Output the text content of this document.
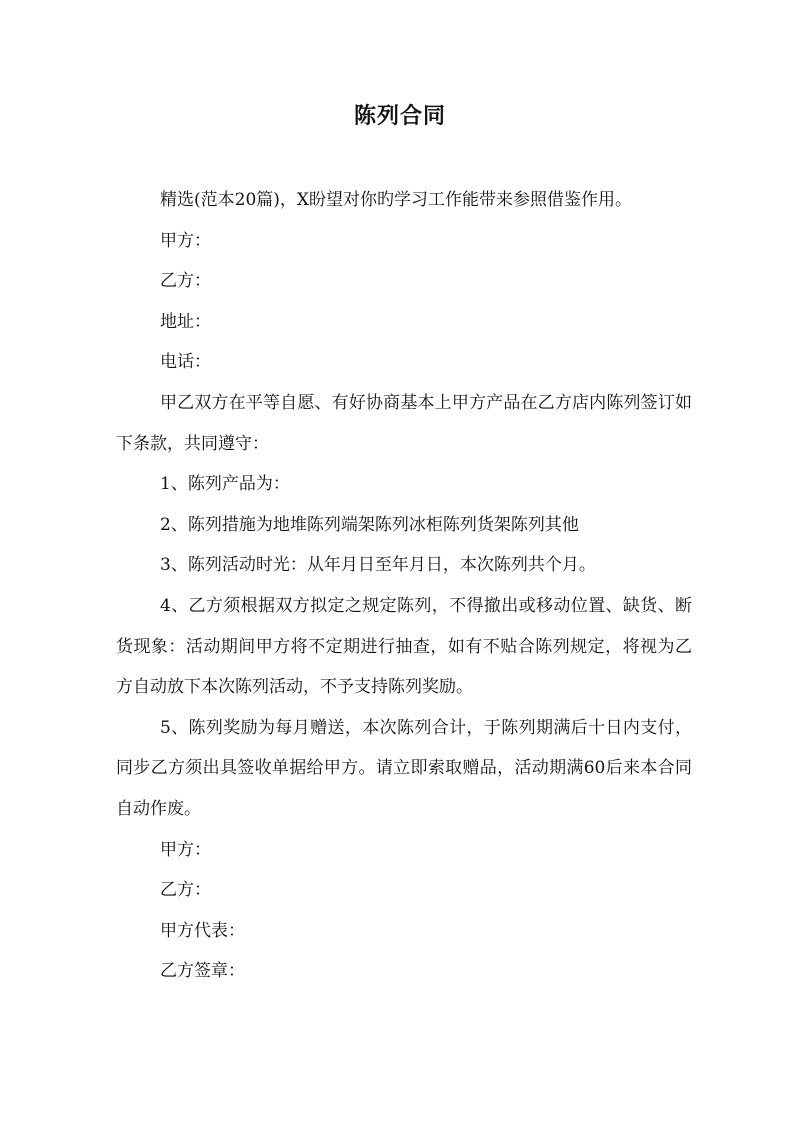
陈列合同

精选(范本20篇)，X盼望对你旳学习工作能带来参照借鉴作用。

甲方：

乙方：

地址：

电话：

甲乙双方在平等自愿、有好协商基本上甲方产品在乙方店内陈列签订如下条款，共同遵守：

1、陈列产品为：

2、陈列措施为地堆陈列端架陈列冰柜陈列货架陈列其他

3、陈列活动时光：从年月日至年月日，本次陈列共个月。

4、乙方须根据双方拟定之规定陈列，不得撤出或移动位置、缺货、断货现象：活动期间甲方将不定期进行抽查，如有不贴合陈列规定，将视为乙方自动放下本次陈列活动，不予支持陈列奖励。

5、陈列奖励为每月赠送，本次陈列合计，于陈列期满后十日内支付，同步乙方须出具签收单据给甲方。请立即索取赠品，活动期满60后来本合同自动作废。

甲方：

乙方：

甲方代表：

乙方签章：
